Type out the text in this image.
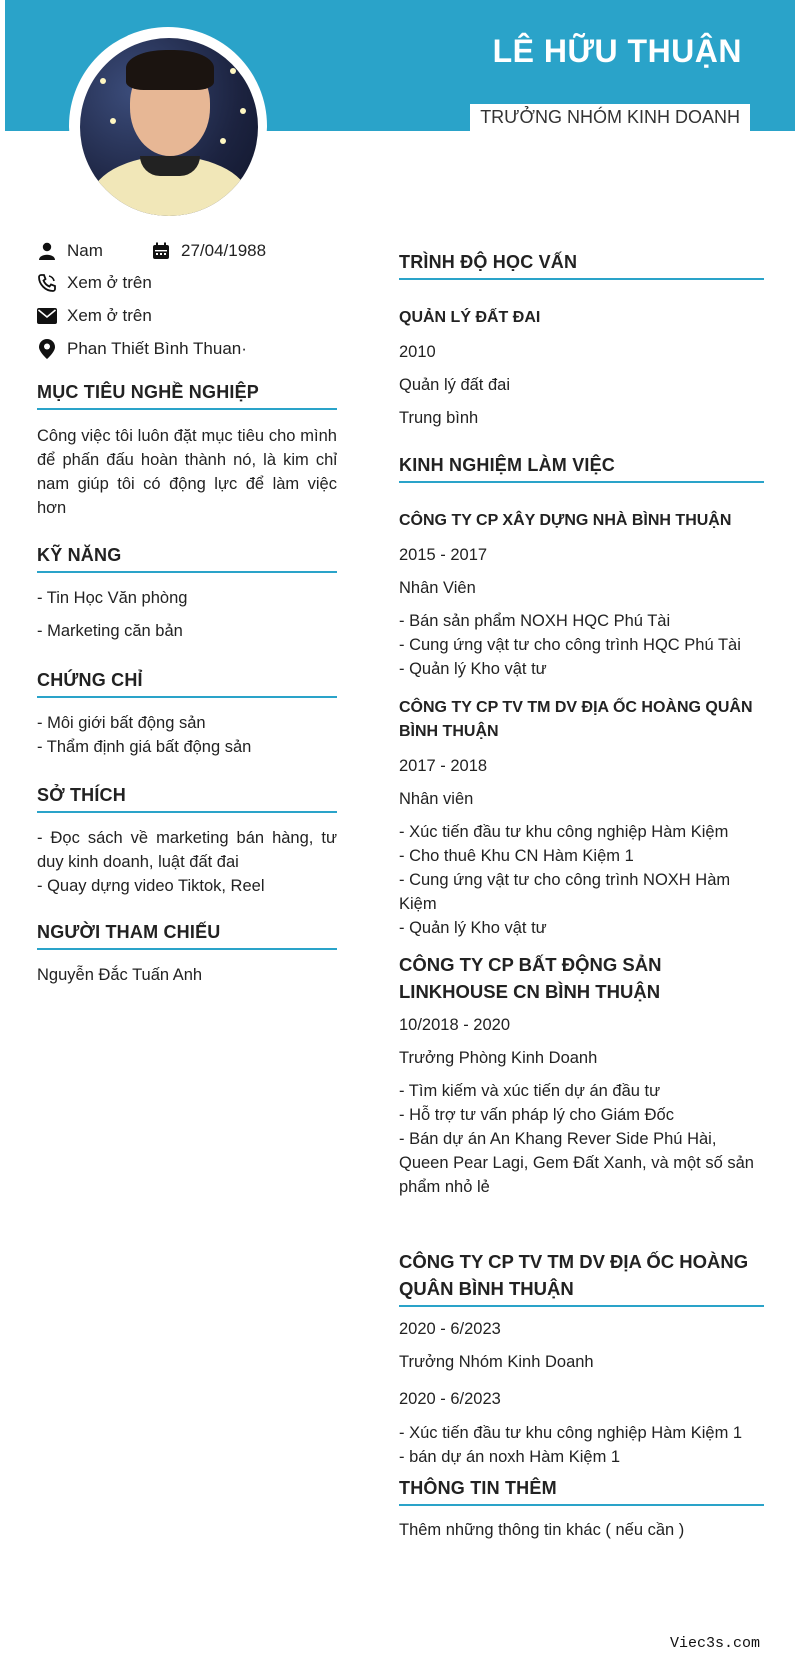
LÊ HỮU THUẬN
TRƯỞNG NHÓM KINH DOANH
Nam	27/04/1988
Xem ở trên
Xem ở trên
Phan Thiết Bình Thuan·
MỤC TIÊU NGHỀ NGHIỆP
Công việc tôi luôn đặt mục tiêu cho mình để phấn đấu hoàn thành nó, là kim chỉ nam giúp tôi có động lực để làm việc hơn
KỸ NĂNG
- Tin Học Văn phòng
- Marketing căn bản
CHỨNG CHỈ
- Môi giới bất động sản
- Thẩm định giá bất động sản
SỞ THÍCH
- Đọc sách về marketing bán hàng, tư duy kinh doanh, luật đất đai
- Quay dựng video Tiktok, Reel
NGƯỜI THAM CHIẾU
Nguyễn Đắc Tuấn Anh
TRÌNH ĐỘ HỌC VẤN
QUẢN LÝ ĐẤT ĐAI
2010
Quản lý đất đai
Trung bình
KINH NGHIỆM LÀM VIỆC
CÔNG TY CP XÂY DỰNG NHÀ BÌNH THUẬN
2015 - 2017
Nhân Viên
- Bán sản phẩm NOXH HQC Phú Tài
- Cung ứng vật tư cho công trình HQC Phú Tài
- Quản lý Kho vật tư
CÔNG TY CP TV TM DV ĐỊA ỐC HOÀNG QUÂN BÌNH THUẬN
2017 - 2018
Nhân viên
- Xúc tiến đầu tư khu công nghiệp Hàm Kiệm
- Cho thuê Khu CN Hàm Kiệm 1
- Cung ứng vật tư cho công trình NOXH Hàm Kiệm
- Quản lý Kho vật tư
CÔNG TY CP BẤT ĐỘNG SẢN LINKHOUSE CN BÌNH THUẬN
10/2018 - 2020
Trưởng Phòng Kinh Doanh
- Tìm kiếm và xúc tiến dự án đầu tư
- Hỗ trợ tư vấn pháp lý cho Giám Đốc
- Bán dự án An Khang Rever Side Phú Hài, Queen Pear Lagi, Gem Đất Xanh, và một số sản phẩm nhỏ lẻ
CÔNG TY CP TV TM DV ĐỊA ỐC HOÀNG QUÂN BÌNH THUẬN
2020 - 6/2023
Trưởng Nhóm Kinh Doanh
2020 - 6/2023
- Xúc tiến đầu tư khu công nghiệp Hàm Kiệm 1
- bán dự án noxh Hàm Kiệm 1
THÔNG TIN THÊM
Thêm những thông tin khác ( nếu cần )
Viec3s.com
